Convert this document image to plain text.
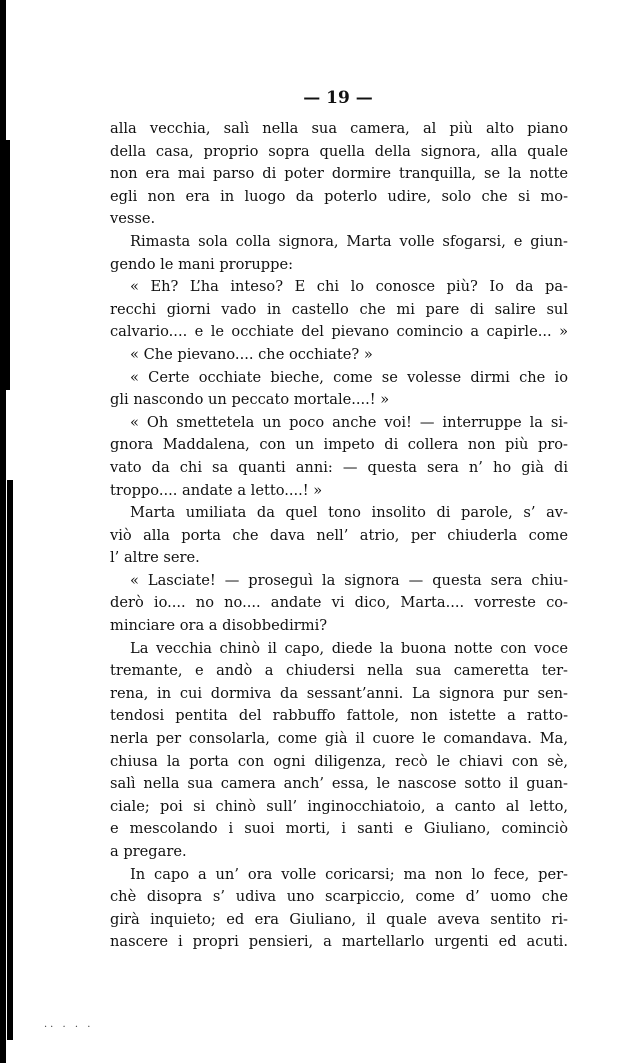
— 19 —
alla vecchia, salì nella sua camera, al più alto piano
della casa, proprio sopra quella della signora, alla quale
non era mai parso di poter dormire tranquilla, se la notte
egli non era in luogo da poterlo udire, solo che si mo-
vesse.
Rimasta sola colla signora, Marta volle sfogarsi, e giun-
gendo le mani proruppe:
« Eh? L’ha inteso? E chi lo conosce più? Io da pa-
recchi giorni vado in castello che mi pare di salire sul
calvario.... e le occhiate del pievano comincio a capirle... »
« Che pievano.... che occhiate? »
« Certe occhiate bieche, come se volesse dirmi che io
gli nascondo un peccato mortale....! »
« Oh smettetela un poco anche voi! — interruppe la si-
gnora Maddalena, con un impeto di collera non più pro-
vato da chi sa quanti anni: — questa sera n’ ho già di
troppo.... andate a letto....! »
Marta umiliata da quel tono insolito di parole, s’ av-
viò alla porta che dava nell’ atrio, per chiuderla come
l’ altre sere.
« Lasciate! — proseguì la signora — questa sera chiu-
derò io.... no no.... andate vi dico, Marta.... vorreste co-
minciare ora a disobbedirmi?
La vecchia chinò il capo, diede la buona notte con voce
tremante, e andò a chiudersi nella sua cameretta ter-
rena, in cui dormiva da sessant’anni. La signora pur sen-
tendosi pentita del rabbuffo fattole, non istette a ratto-
nerla per consolarla, come già il cuore le comandava. Ma,
chiusa la porta con ogni diligenza, recò le chiavi con sè,
salì nella sua camera anch’ essa, le nascose sotto il guan-
ciale; poi si chinò sull’ inginocchiatoio, a canto al letto,
e mescolando i suoi morti, i santi e Giuliano, cominciò
a pregare.
In capo a un’ ora volle coricarsi; ma non lo fece, per-
chè disopra s’ udiva uno scarpiccio, come d’ uomo che
girà inquieto; ed era Giuliano, il quale aveva sentito ri-
nascere i propri pensieri, a martellarlo urgenti ed acuti.
·· · · ·
